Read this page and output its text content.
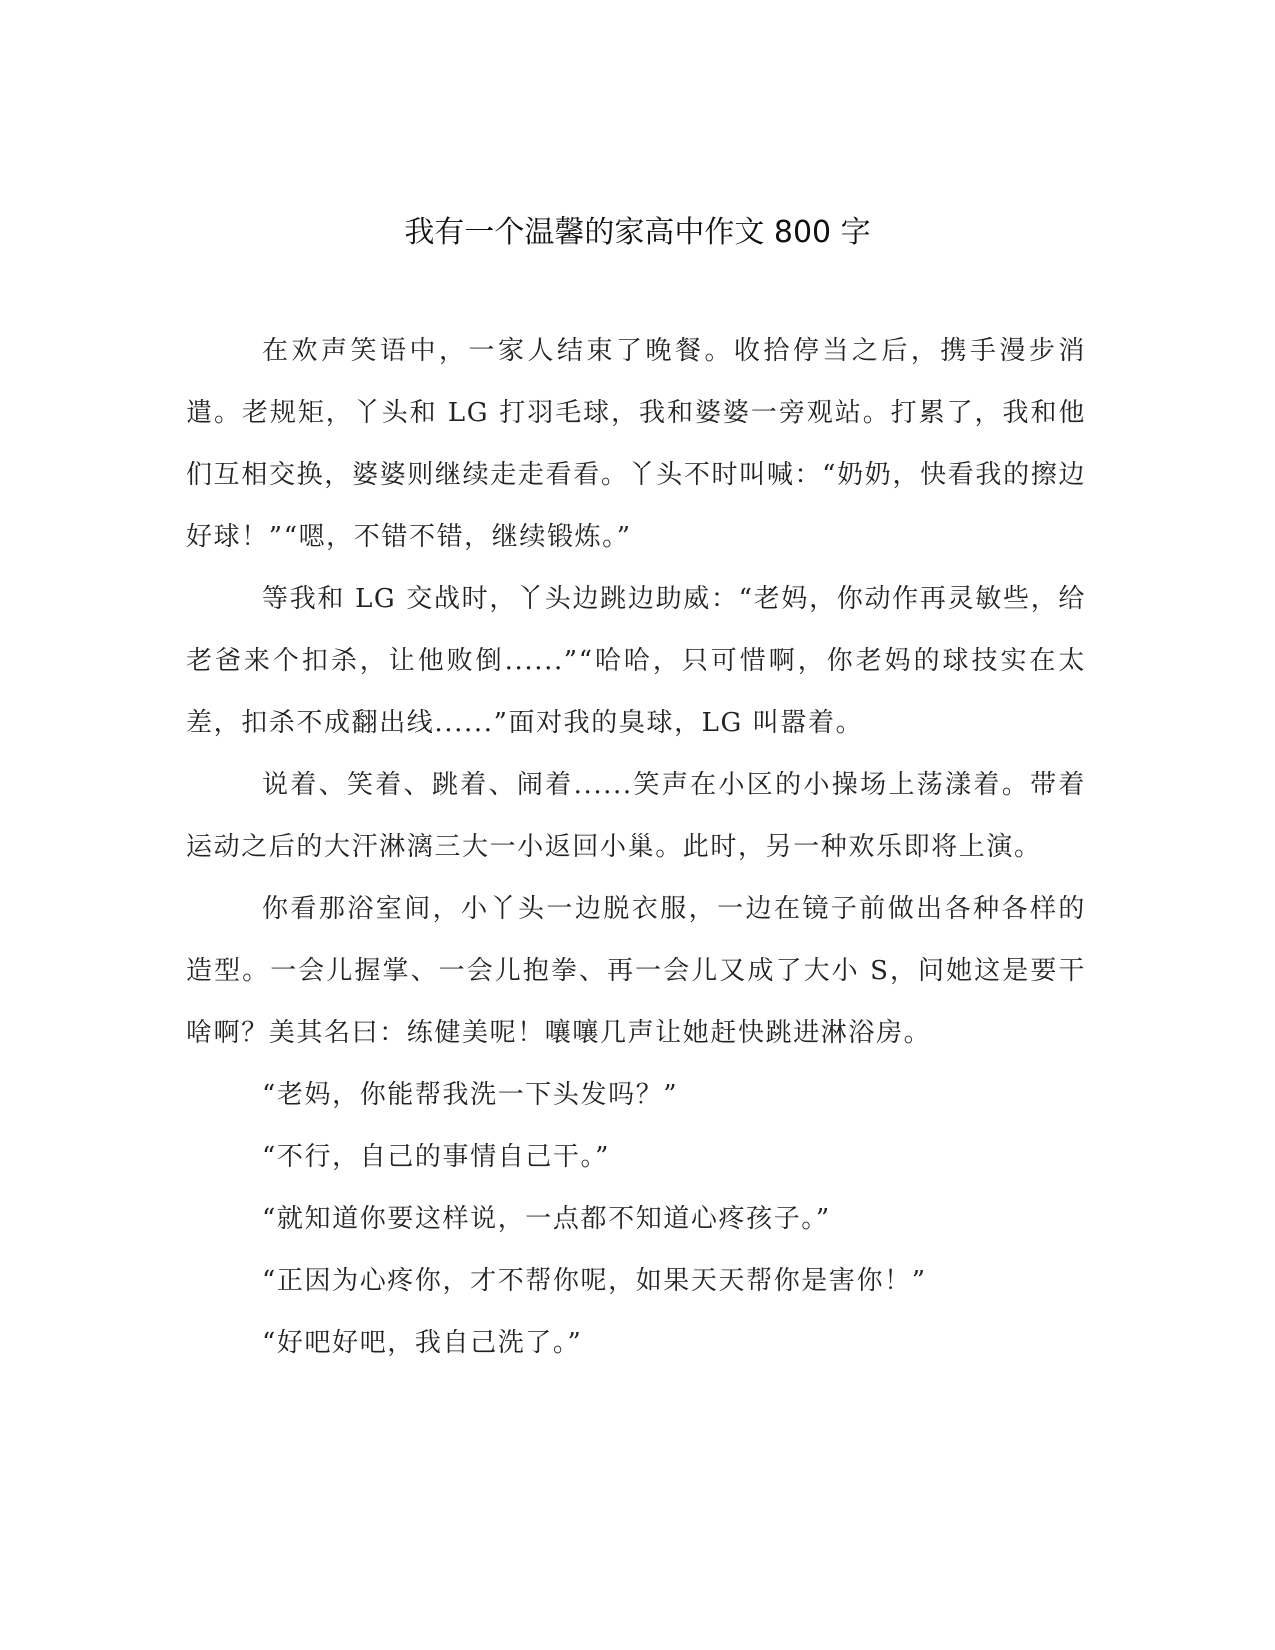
我有一个温馨的家高中作文 800 字

在欢声笑语中，一家人结束了晚餐。收拾停当之后，携手漫步消遣。老规矩，丫头和 LG 打羽毛球，我和婆婆一旁观站。打累了，我和他们互相交换，婆婆则继续走走看看。丫头不时叫喊：“奶奶，快看我的擦边好球！”“嗯，不错不错，继续锻炼。”

等我和 LG 交战时，丫头边跳边助威：“老妈，你动作再灵敏些，给老爸来个扣杀，让他败倒......”“哈哈，只可惜啊，你老妈的球技实在太差，扣杀不成翻出线......”面对我的臭球，LG 叫嚣着。

说着、笑着、跳着、闹着......笑声在小区的小操场上荡漾着。带着运动之后的大汗淋漓三大一小返回小巢。此时，另一种欢乐即将上演。

你看那浴室间，小丫头一边脱衣服，一边在镜子前做出各种各样的造型。一会儿握掌、一会儿抱拳、再一会儿又成了大小 S，问她这是要干啥啊？美其名曰：练健美呢！嚷嚷几声让她赶快跳进淋浴房。

“老妈，你能帮我洗一下头发吗？”

“不行，自己的事情自己干。”

“就知道你要这样说，一点都不知道心疼孩子。”

“正因为心疼你，才不帮你呢，如果天天帮你是害你！”

“好吧好吧，我自己洗了。”
